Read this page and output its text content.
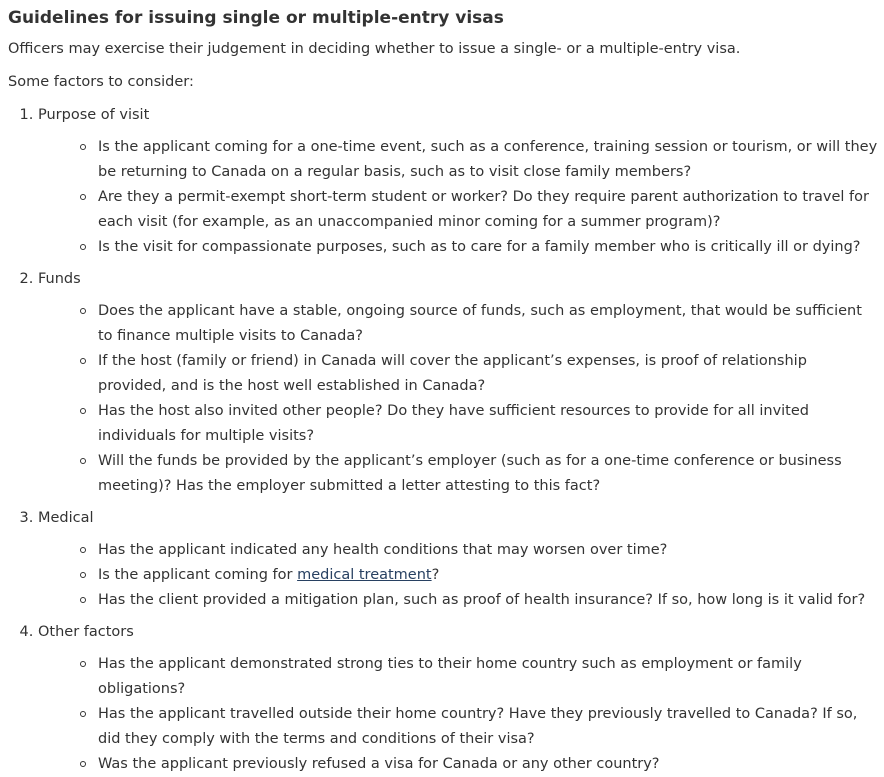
Guidelines for issuing single or multiple-entry visas

Officers may exercise their judgement in deciding whether to issue a single- or a multiple-entry visa.

Some factors to consider:

1. Purpose of visit
Is the applicant coming for a one-time event, such as a conference, training session or tourism, or will they be returning to Canada on a regular basis, such as to visit close family members?
Are they a permit-exempt short-term student or worker? Do they require parent authorization to travel for each visit (for example, as an unaccompanied minor coming for a summer program)?
Is the visit for compassionate purposes, such as to care for a family member who is critically ill or dying?
2. Funds
Does the applicant have a stable, ongoing source of funds, such as employment, that would be sufficient to finance multiple visits to Canada?
If the host (family or friend) in Canada will cover the applicant’s expenses, is proof of relationship provided, and is the host well established in Canada?
Has the host also invited other people? Do they have sufficient resources to provide for all invited individuals for multiple visits?
Will the funds be provided by the applicant’s employer (such as for a one-time conference or business meeting)? Has the employer submitted a letter attesting to this fact?
3. Medical
Has the applicant indicated any health conditions that may worsen over time?
Is the applicant coming for medical treatment?
Has the client provided a mitigation plan, such as proof of health insurance? If so, how long is it valid for?
4. Other factors
Has the applicant demonstrated strong ties to their home country such as employment or family obligations?
Has the applicant travelled outside their home country? Have they previously travelled to Canada? If so, did they comply with the terms and conditions of their visa?
Was the applicant previously refused a visa for Canada or any other country?
